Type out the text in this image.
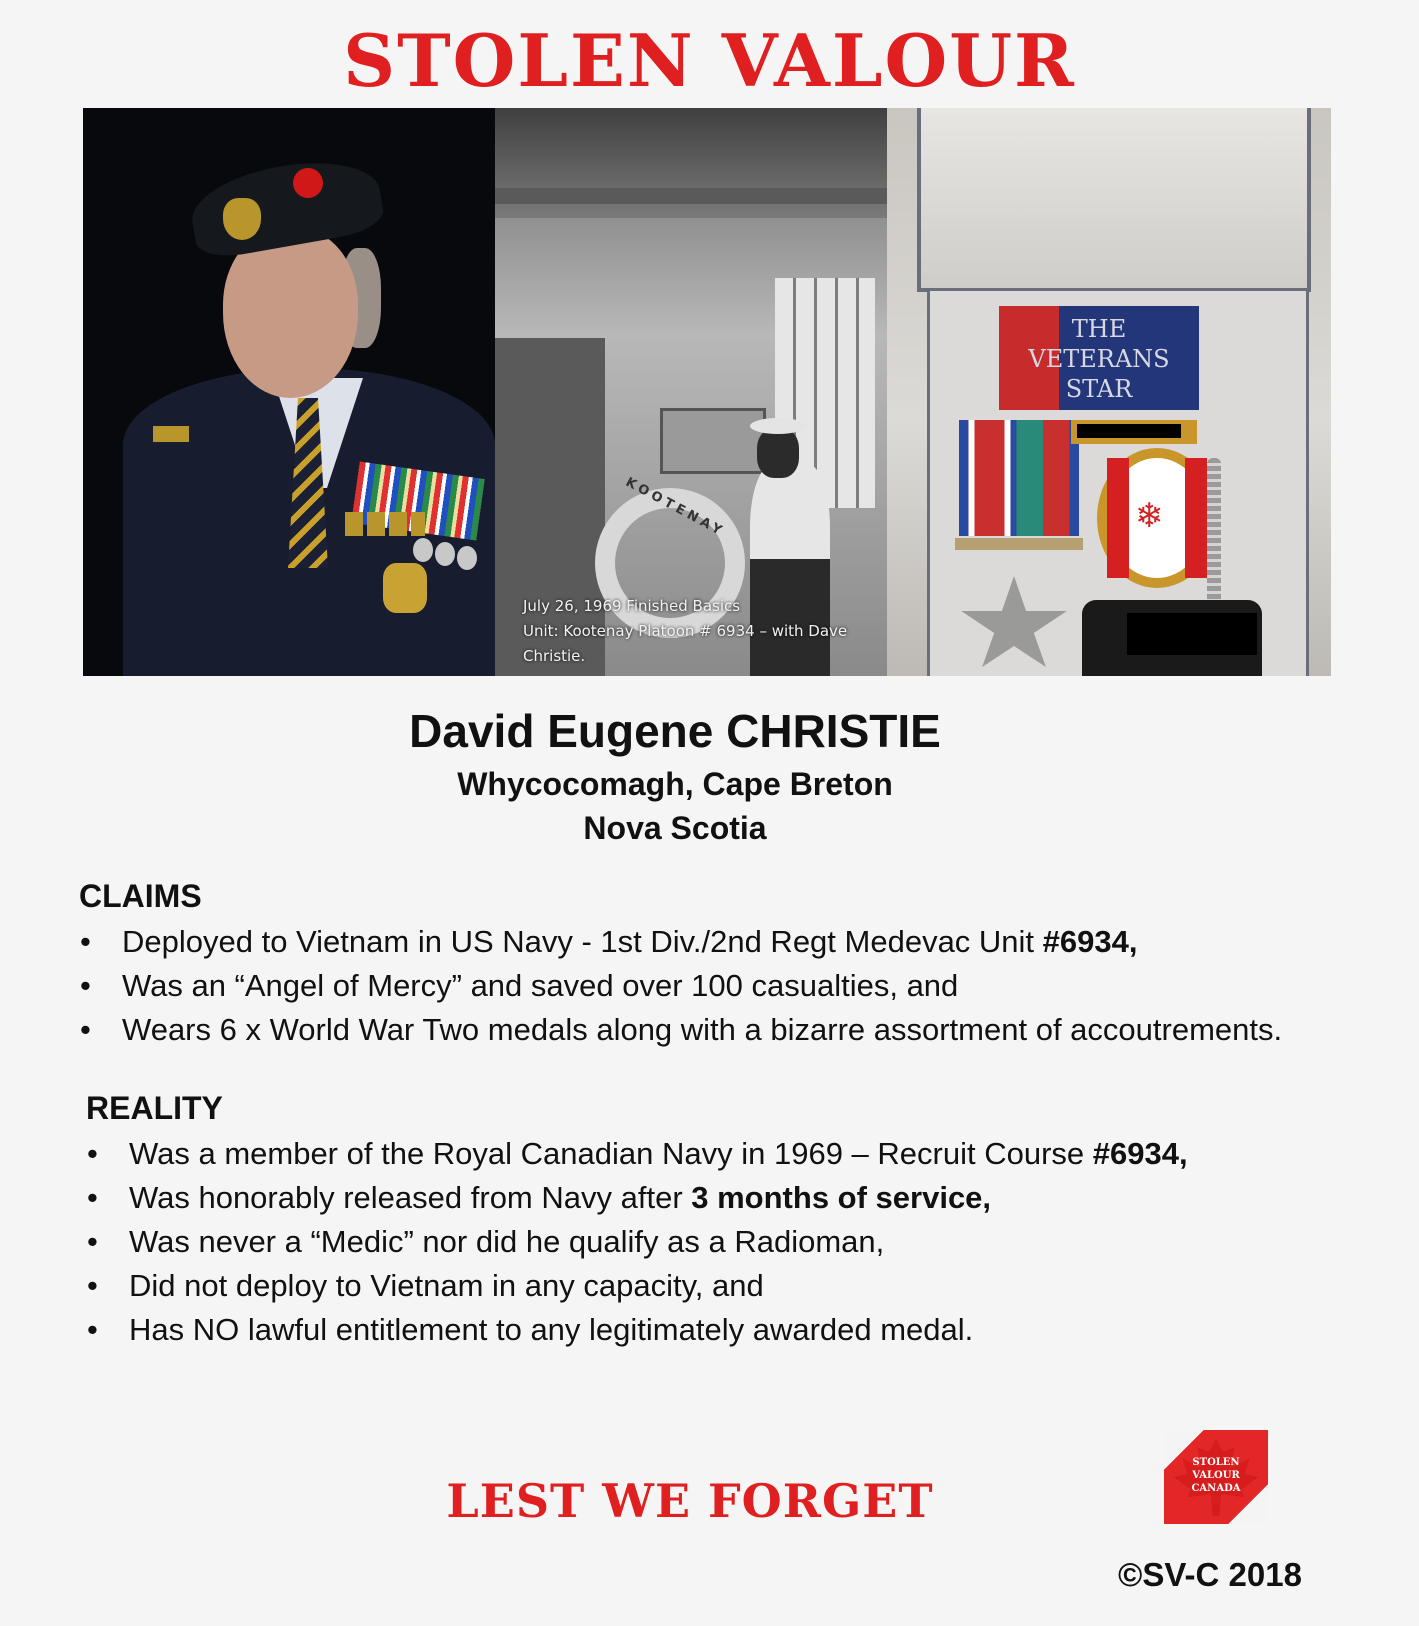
STOLEN VALOUR
KOOTENAY
July 26, 1969 Finished Basics
Unit: Kootenay Platoon # 6934 – with Dave
Christie.
THE
VETERANS
STAR
❄
David Eugene CHRISTIE
Whycocomagh, Cape Breton
Nova Scotia
CLAIMS
• Deployed to Vietnam in US Navy - 1st Div./2nd Regt Medevac Unit #6934,
• Was an “Angel of Mercy” and saved over 100 casualties, and
• Wears 6 x World War Two medals along with a bizarre assortment of accoutrements.
REALITY
• Was a member of the Royal Canadian Navy in 1969 – Recruit Course #6934,
• Was honorably released from Navy after 3 months of service,
• Was never a “Medic” nor did he qualify as a Radioman,
• Did not deploy to Vietnam in any capacity, and
• Has NO lawful entitlement to any legitimately awarded medal.
LEST WE FORGET
STOLEN
VALOUR
CANADA
©SV-C 2018
